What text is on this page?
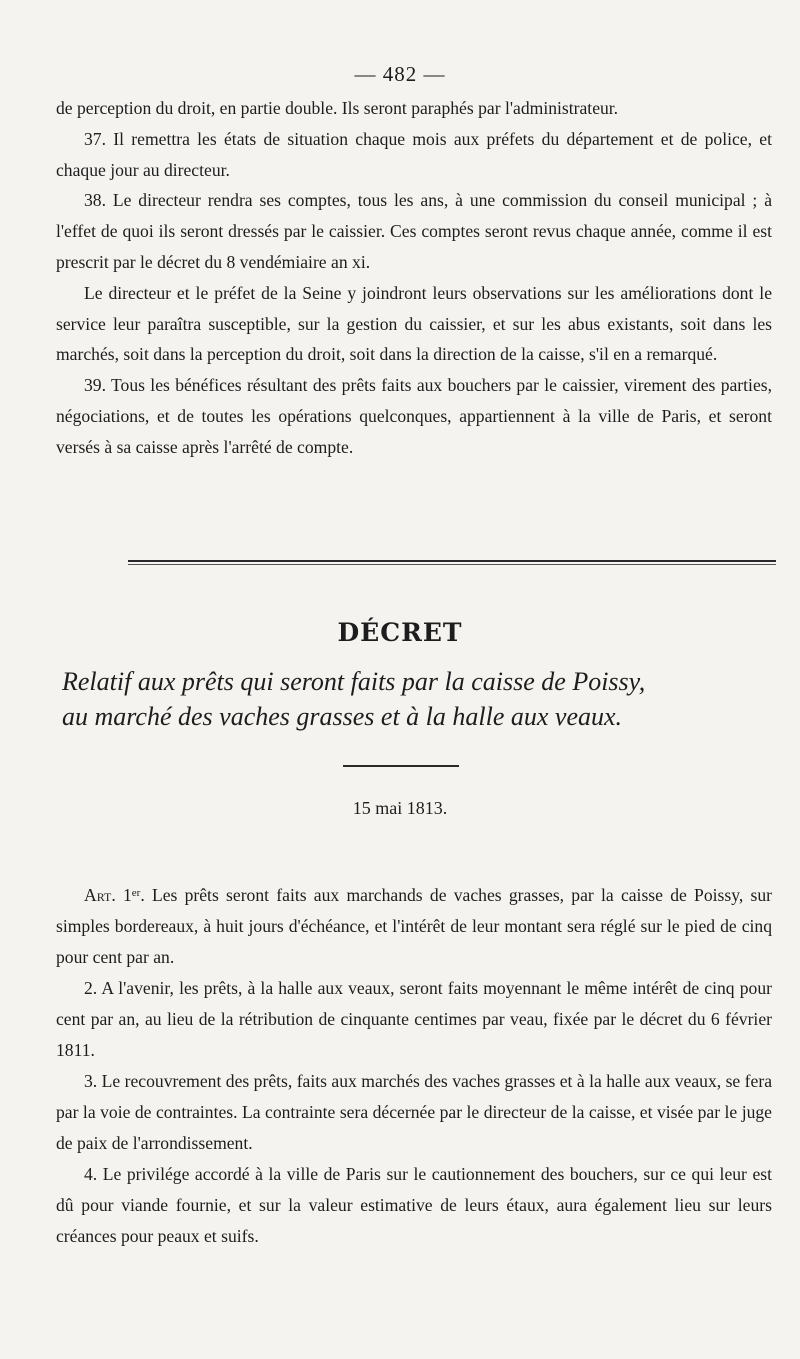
— 482 —

de perception du droit, en partie double. Ils seront paraphés par l'administrateur.

37. Il remettra les états de situation chaque mois aux préfets du département et de police, et chaque jour au directeur.

38. Le directeur rendra ses comptes, tous les ans, à une commission du conseil municipal ; à l'effet de quoi ils seront dressés par le caissier. Ces comptes seront revus chaque année, comme il est prescrit par le décret du 8 vendémiaire an xi.

Le directeur et le préfet de la Seine y joindront leurs observations sur les améliorations dont le service leur paraîtra susceptible, sur la gestion du caissier, et sur les abus existants, soit dans les marchés, soit dans la perception du droit, soit dans la direction de la caisse, s'il en a remarqué.

39. Tous les bénéfices résultant des prêts faits aux bouchers par le caissier, virement des parties, négociations, et de toutes les opérations quelconques, appartiennent à la ville de Paris, et seront versés à sa caisse après l'arrêté de compte.

DÉCRET

Relatif aux prêts qui seront faits par la caisse de Poissy,

au marché des vaches grasses et à la halle aux veaux.

15 mai 1813.

Art. 1er. Les prêts seront faits aux marchands de vaches grasses, par la caisse de Poissy, sur simples bordereaux, à huit jours d'échéance, et l'intérêt de leur montant sera réglé sur le pied de cinq pour cent par an.

2. A l'avenir, les prêts, à la halle aux veaux, seront faits moyennant le même intérêt de cinq pour cent par an, au lieu de la rétribution de cinquante centimes par veau, fixée par le décret du 6 février 1811.

3. Le recouvrement des prêts, faits aux marchés des vaches grasses et à la halle aux veaux, se fera par la voie de contraintes. La contrainte sera décernée par le directeur de la caisse, et visée par le juge de paix de l'arrondissement.

4. Le privilége accordé à la ville de Paris sur le cautionnement des bouchers, sur ce qui leur est dû pour viande fournie, et sur la valeur estimative de leurs étaux, aura également lieu sur leurs créances pour peaux et suifs.
